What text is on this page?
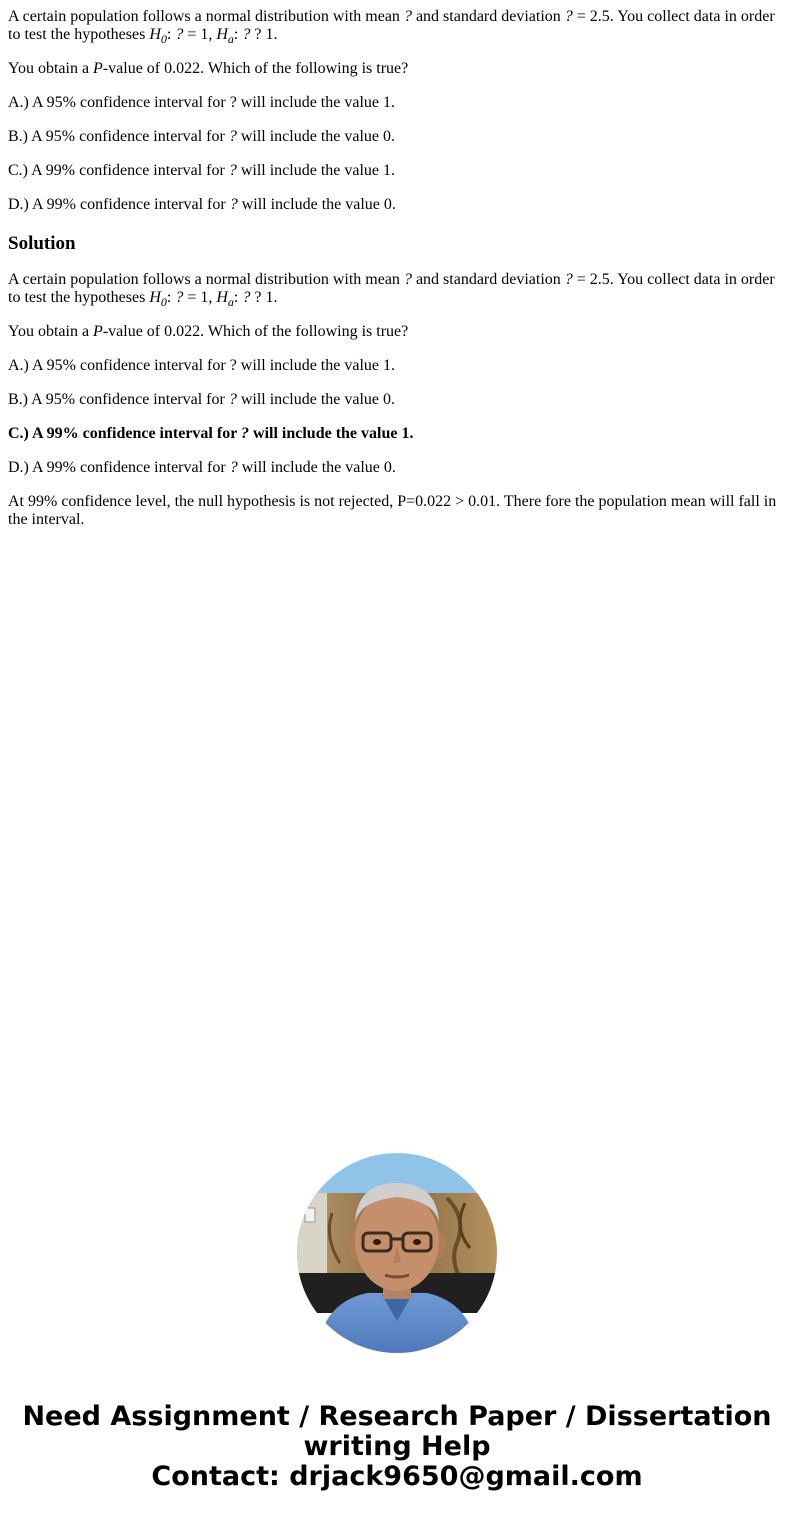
A certain population follows a normal distribution with mean ? and standard deviation ? = 2.5. You collect data in order to test the hypotheses $H_0$: ? = 1, $H_a$: ? ? 1.

You obtain a P-value of 0.022. Which of the following is true?

A.) A 95% confidence interval for ? will include the value 1.

B.) A 95% confidence interval for ? will include the value 0.

C.) A 99% confidence interval for ? will include the value 1.

D.) A 99% confidence interval for ? will include the value 0.

Solution

A certain population follows a normal distribution with mean ? and standard deviation ? = 2.5. You collect data in order to test the hypotheses $H_0$: ? = 1, $H_a$: ? ? 1.

You obtain a P-value of 0.022. Which of the following is true?

A.) A 95% confidence interval for ? will include the value 1.

B.) A 95% confidence interval for ? will include the value 0.

C.) A 99% confidence interval for ? will include the value 1.

D.) A 99% confidence interval for ? will include the value 0.

At 99% confidence level, the null hypothesis is not rejected, P=0.022 > 0.01. There fore the population mean will fall in the interval.

Need Assignment / Research Paper / Dissertation
writing Help
Contact: drjack9650@gmail.com
